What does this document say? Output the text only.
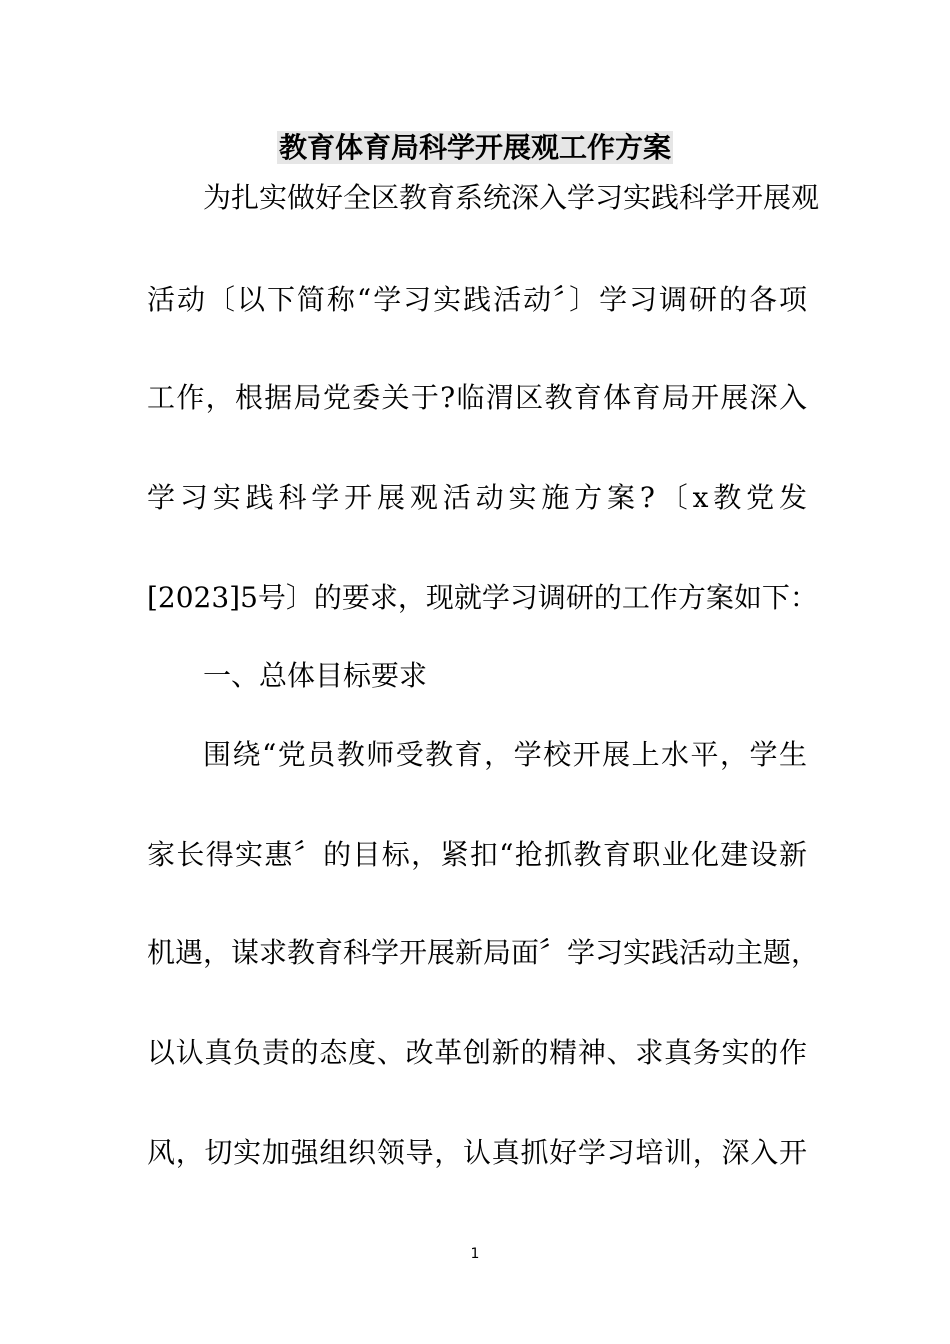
教育体育局科学开展观工作方案
为扎实做好全区教育系统深入学习实践科学开展观
活动〔以下简称“学习实践活动〞〕学习调研的各项
工作，根据局党委关于?临渭区教育体育局开展深入
学习实践科学开展观活动实施方案?〔x教党发
[2023]5号〕的要求，现就学习调研的工作方案如下：
一、总体目标要求
围绕“党员教师受教育，学校开展上水平，学生
家长得实惠〞的目标，紧扣“抢抓教育职业化建设新
机遇，谋求教育科学开展新局面〞学习实践活动主题，
以认真负责的态度、改革创新的精神、求真务实的作
风，切实加强组织领导，认真抓好学习培训，深入开
1
